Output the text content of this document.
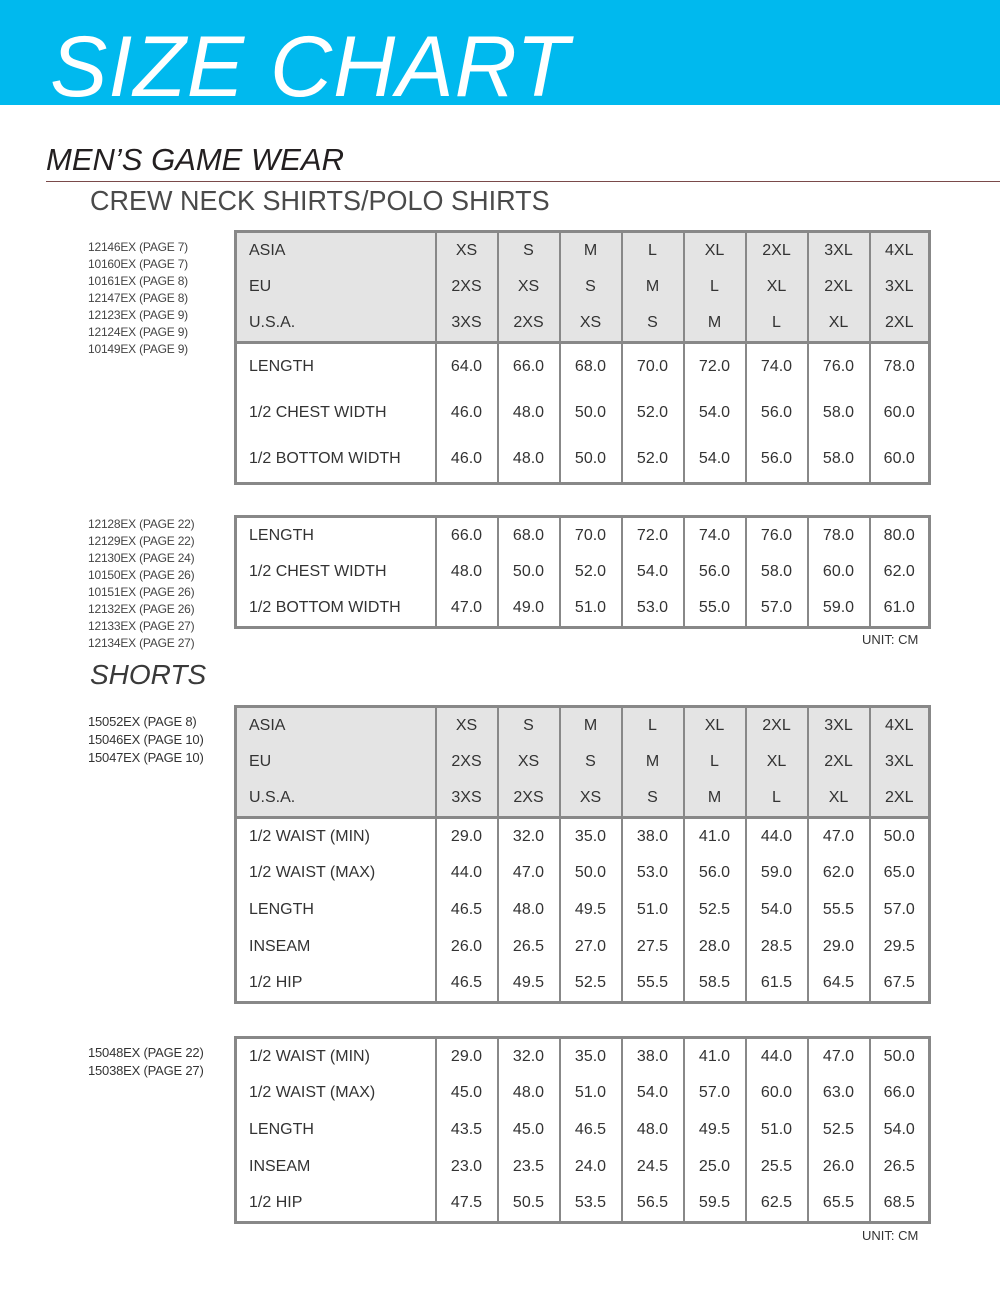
SIZE CHART
MEN’S GAME WEAR
CREW NECK SHIRTS/POLO SHIRTS
12146EX (PAGE 7)
10160EX (PAGE 7)
10161EX (PAGE 8)
12147EX (PAGE 8)
12123EX (PAGE 9)
12124EX (PAGE 9)
10149EX (PAGE 9)
ASIA	XS	S	M	L	XL	2XL	3XL	4XL
EU	2XS	XS	S	M	L	XL	2XL	3XL
U.S.A.	3XS	2XS	XS	S	M	L	XL	2XL
LENGTH	64.0	66.0	68.0	70.0	72.0	74.0	76.0	78.0
1/2 CHEST WIDTH	46.0	48.0	50.0	52.0	54.0	56.0	58.0	60.0
1/2 BOTTOM WIDTH	46.0	48.0	50.0	52.0	54.0	56.0	58.0	60.0
12128EX (PAGE 22)
12129EX (PAGE 22)
12130EX (PAGE 24)
10150EX (PAGE 26)
10151EX (PAGE 26)
12132EX (PAGE 26)
12133EX (PAGE 27)
12134EX (PAGE 27)
LENGTH	66.0	68.0	70.0	72.0	74.0	76.0	78.0	80.0
1/2 CHEST WIDTH	48.0	50.0	52.0	54.0	56.0	58.0	60.0	62.0
1/2 BOTTOM WIDTH	47.0	49.0	51.0	53.0	55.0	57.0	59.0	61.0
UNIT: CM
SHORTS
15052EX (PAGE 8)
15046EX (PAGE 10)
15047EX (PAGE 10)
ASIA	XS	S	M	L	XL	2XL	3XL	4XL
EU	2XS	XS	S	M	L	XL	2XL	3XL
U.S.A.	3XS	2XS	XS	S	M	L	XL	2XL
1/2 WAIST (MIN)	29.0	32.0	35.0	38.0	41.0	44.0	47.0	50.0
1/2 WAIST (MAX)	44.0	47.0	50.0	53.0	56.0	59.0	62.0	65.0
LENGTH	46.5	48.0	49.5	51.0	52.5	54.0	55.5	57.0
INSEAM	26.0	26.5	27.0	27.5	28.0	28.5	29.0	29.5
1/2 HIP	46.5	49.5	52.5	55.5	58.5	61.5	64.5	67.5
15048EX (PAGE 22)
15038EX (PAGE 27)
1/2 WAIST (MIN)	29.0	32.0	35.0	38.0	41.0	44.0	47.0	50.0
1/2 WAIST (MAX)	45.0	48.0	51.0	54.0	57.0	60.0	63.0	66.0
LENGTH	43.5	45.0	46.5	48.0	49.5	51.0	52.5	54.0
INSEAM	23.0	23.5	24.0	24.5	25.0	25.5	26.0	26.5
1/2 HIP	47.5	50.5	53.5	56.5	59.5	62.5	65.5	68.5
UNIT: CM
